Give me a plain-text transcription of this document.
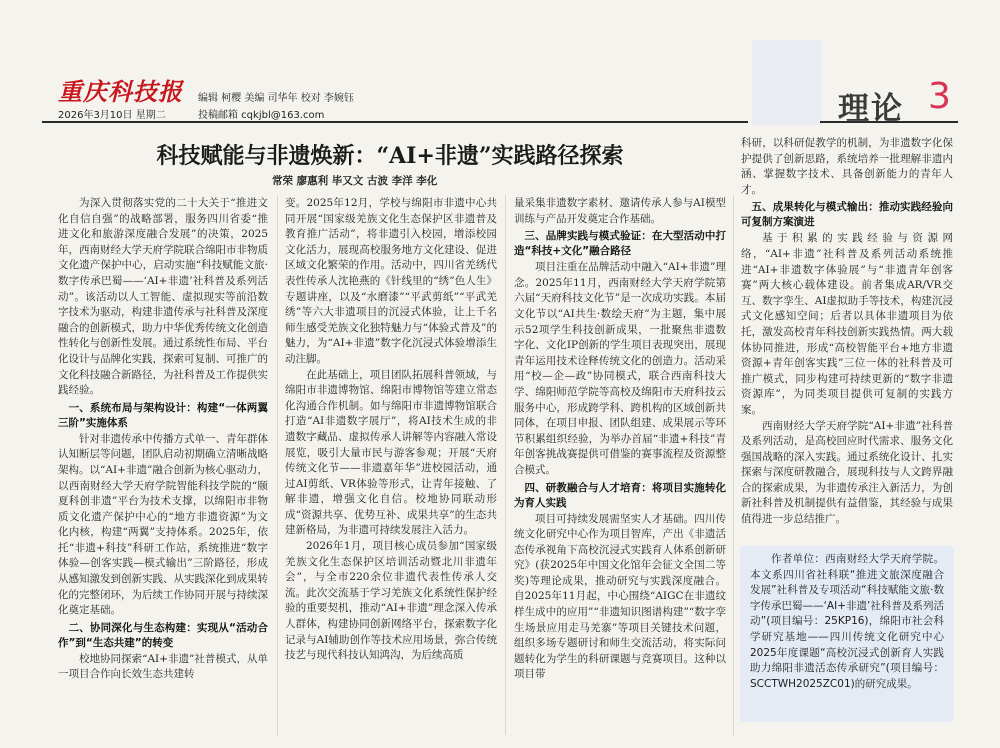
重庆科技报 编辑 柯樱 美编 司华年 校对 李婉钰
2026年3月10日 星期二	投稿邮箱 cqkjbl@163.com	理论 3
科技赋能与非遗焕新：“AI+非遗”实践路径探索
常荣 廖惠利 毕又文 古波 李洋 李化

为深入贯彻落实党的二十大关于“推进文化自信自强”的战略部署，服务四川省委“推进文化和旅游深度融合发展”的决策，2025年，西南财经大学天府学院联合绵阳市非物质文化遗产保护中心，启动实施“科技赋能文旅·数字传承巴蜀——‘AI+非遗’社科普及系列活动”。该活动以人工智能、虚拟现实等前沿数字技术为驱动，构建非遗传承与社科普及深度融合的创新模式，助力中华优秀传统文化创造性转化与创新性发展。通过系统性布局、平台化设计与品牌化实践，探索可复制、可推广的文化科技融合新路径，为社科普及工作提供实践经验。

一、系统布局与架构设计：构建“一体两翼三阶”实施体系

针对非遗传承中传播方式单一、青年群体认知断层等问题，团队启动初期确立清晰战略架构。以“AI+非遗”融合创新为核心驱动力，以西南财经大学天府学院智能科技学院的“颐夏科创非遗”平台为技术支撑，以绵阳市非物质文化遗产保护中心的“地方非遗资源”为文化内核，构建“两翼”支持体系。2025年，依托“非遗+科技”科研工作站，系统推进“数字体验—创客实践—模式输出”三阶路径，形成从感知激发到创新实践、从实践深化到成果转化的完整闭环，为后续工作协同开展与持续深化奠定基础。

二、协同深化与生态构建：实现从“活动合作”到“生态共建”的转变

校地协同探索“AI+非遗”社普模式，从单一项目合作向长效生态共建转

变。2025年12月，学校与绵阳市非遗中心共同开展“国家级羌族文化生态保护区非遗普及教育推广活动”，将非遗引入校园，增添校园文化活力，展现高校服务地方文化建设、促进区域文化繁荣的作用。活动中，四川省羌绣代表性传承人沈艳燕的《针线里的“绣”色人生》专题讲座，以及“水磨漆”“平武剪纸”“平武羌绣”等六大非遗项目的沉浸式体验，让上千名师生感受羌族文化独特魅力与“体验式普及”的魅力，为“AI+非遗”数字化沉浸式体验增添生动注脚。

在此基础上，项目团队拓展科普领域，与绵阳市非遗博物馆、绵阳市博物馆等建立常态化沟通合作机制。如与绵阳市非遗博物馆联合打造“AI非遗数字展厅”，将AI技术生成的非遗数字藏品、虚拟传承人讲解等内容融入常设展览，吸引大量市民与游客参观；开展“天府传统文化节——非遗嘉年华”进校园活动，通过AI剪纸、VR体验等形式，让青年接触、了解非遗，增强文化自信。校地协同联动形成“资源共享、优势互补、成果共享”的生态共建新格局，为非遗可持续发展注入活力。

2026年1月，项目核心成员参加“国家级羌族文化生态保护区培训活动暨北川非遗年会”，与全市220余位非遗代表性传承人交流。此次交流基于学习羌族文化系统性保护经验的重要契机，推动“AI+非遗”理念深入传承人群体，构建协同创新网络平台，探索数字化记录与AI辅助创作等技术应用场景，弥合传统技艺与现代科技认知鸿沟，为后续高质

量采集非遗数字素材、邀请传承人参与AI模型训练与产品开发奠定合作基础。

三、品牌实践与模式验证：在大型活动中打造“科技+文化”融合路径

项目注重在品牌活动中融入“AI+非遗”理念。2025年11月，西南财经大学天府学院第六届“天府科技文化节”是一次成功实践。本届文化节以“AI共生·数绘天府”为主题，集中展示52项学生科技创新成果，一批聚焦非遗数字化、文化IP创新的学生项目表现突出，展现青年运用技术诠释传统文化的创造力。活动采用“校—企—政”协同模式，联合西南科技大学、绵阳师范学院等高校及绵阳市天府科技云服务中心，形成跨学科、跨机构的区域创新共同体，在项目申报、团队组建、成果展示等环节积累组织经验，为举办首届“非遗+科技”青年创客挑战赛提供可借鉴的赛事流程及资源整合模式。

四、研教融合与人才培育：将项目实施转化为育人实践

项目可持续发展需坚实人才基础。四川传统文化研究中心作为项目智库，产出《非遗活态传承视角下高校沉浸式实践育人体系创新研究》(获2025年中国文化馆年会征文全国二等奖)等理论成果，推动研究与实践深度融合。自2025年11月起，中心围绕“AIGC在非遗纹样生成中的应用”“非遗知识图谱构建”“数字孪生场景应用走马羌寨”等项目关键技术问题，组织多场专题研讨和师生交流活动，将实际问题转化为学生的科研课题与竞赛项目。这种以项目带

科研，以科研促教学的机制，为非遗数字化保护提供了创新思路，系统培养一批理解非遗内涵、掌握数字技术、具备创新能力的青年人才。

五、成果转化与模式输出：推动实践经验向可复制方案演进

基于积累的实践经验与资源网络，“AI+非遗”社科普及系列活动系统推进“AI+非遗数字体验展”与“非遗青年创客赛”两大核心载体建设。前者集成AR/VR交互、数字孪生、AI虚拟助手等技术，构建沉浸式文化感知空间；后者以具体非遗项目为依托，激发高校青年科技创新实践热情。两大载体协同推进，形成“高校智能平台+地方非遗资源+青年创客实践”三位一体的社科普及可推广模式，同步构建可持续更新的“数字非遗资源库”，为同类项目提供可复制的实践方案。

西南财经大学天府学院“AI+非遗”社科普及系列活动，是高校回应时代需求、服务文化强国战略的深入实践。通过系统化设计、扎实探索与深度研教融合，展现科技与人文跨界融合的探索成果，为非遗传承注入新活力，为创新社科普及机制提供有益借鉴，其经验与成果值得进一步总结推广。

作者单位：西南财经大学天府学院。本文系四川省社科联“推进文旅深度融合发展”社科普及专项活动“科技赋能文旅·数字传承巴蜀——‘AI+非遗’社科普及系列活动”(项目编号：25KP16)，绵阳市社会科学研究基地——四川传统文化研究中心2025年度课题“高校沉浸式创新育人实践助力绵阳非遗活态传承研究”(项目编号：SCCTWH2025ZC01)的研究成果。
